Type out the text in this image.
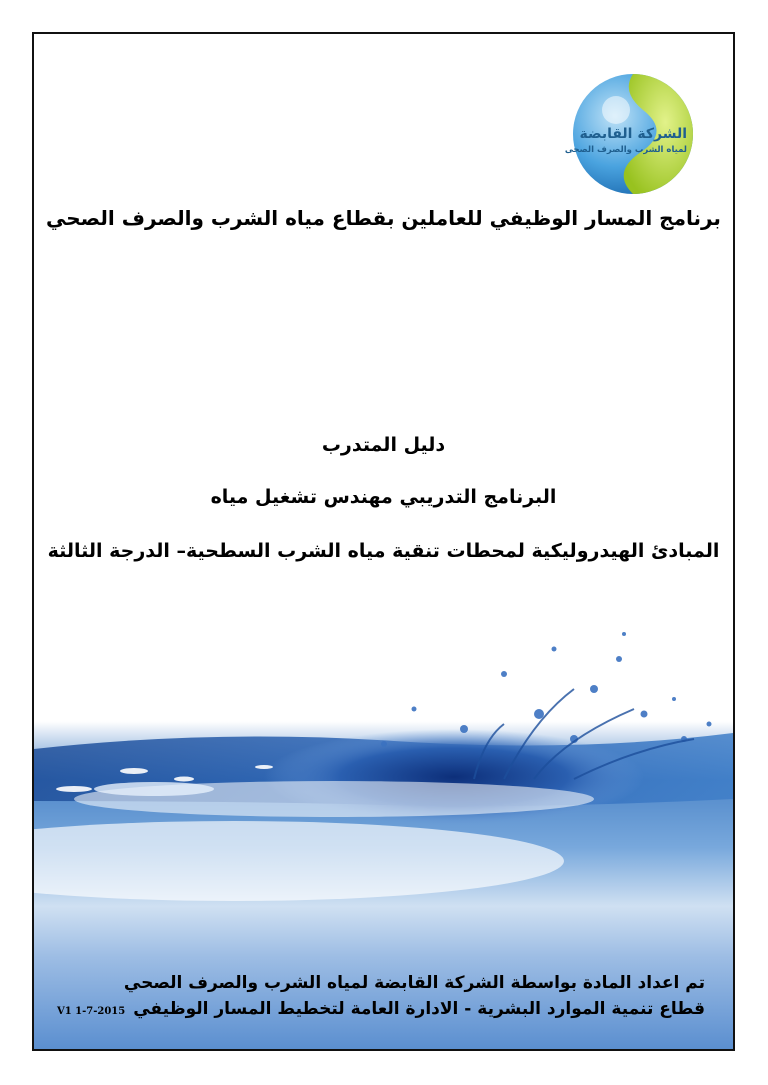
الشركة القابضة
لمياه الشرب والصرف الصحى
برنامج المسار الوظيفي للعاملين بقطاع مياه الشرب والصرف الصحي
دليل المتدرب
البرنامج التدريبي مهندس تشغيل مياه
المبادئ الهيدروليكية لمحطات تنقية مياه الشرب السطحية– الدرجة الثالثة
تم اعداد المادة بواسطة الشركة القابضة لمياه الشرب والصرف الصحي
قطاع تنمية الموارد البشرية - الادارة العامة لتخطيط المسار الوظيفيV1 1-7-2015
